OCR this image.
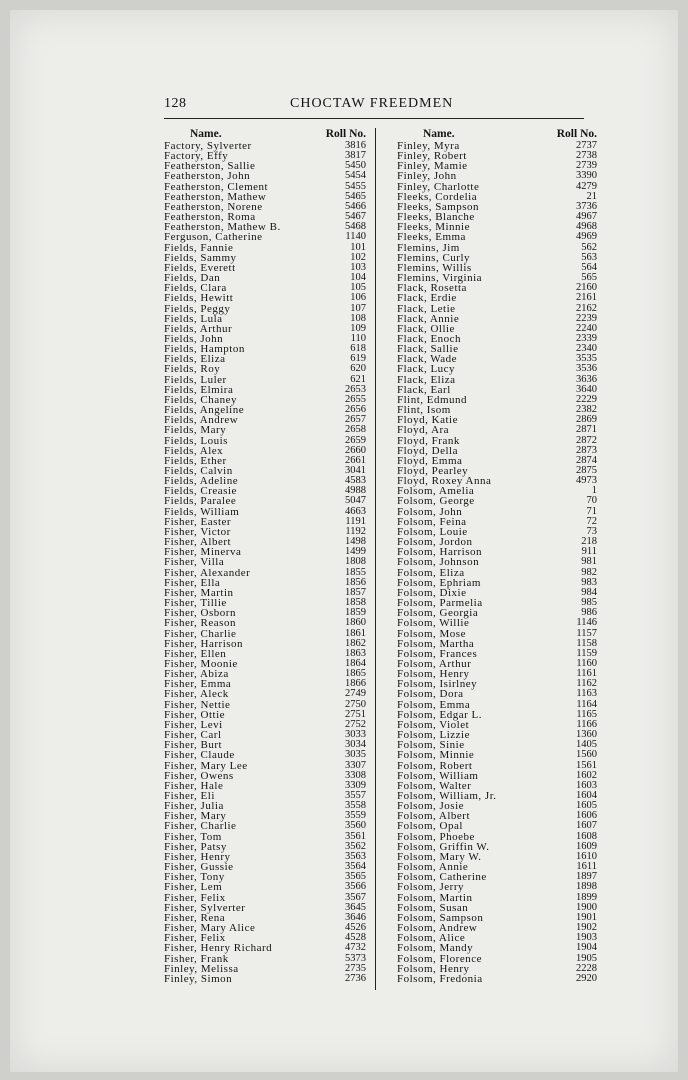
128	CHOCTAW FREEDMEN
Name.	Roll No.
Factory, Sylverter	3816
Factory, Effy	3817
Featherston, Sallie	5450
Featherston, John	5454
Featherston, Clement	5455
Featherston, Mathew	5465
Featherston, Norene	5466
Featherston, Roma	5467
Featherston, Mathew B.	5468
Ferguson, Catherine	1140
Fields, Fannie	101
Fields, Sammy	102
Fields, Everett	103
Fields, Dan	104
Fields, Clara	105
Fields, Hewitt	106
Fields, Peggy	107
Fields, Lula	108
Fields, Arthur	109
Fields, John	110
Fields, Hampton	618
Fields, Eliza	619
Fields, Roy	620
Fields, Luler	621
Fields, Elmira	2653
Fields, Chaney	2655
Fields, Angeline	2656
Fields, Andrew	2657
Fields, Mary	2658
Fields, Louis	2659
Fields, Alex	2660
Fields, Ether	2661
Fields, Calvin	3041
Fields, Adeline	4583
Fields, Creasie	4988
Fields, Paralee	5047
Fields, William	4663
Fisher, Easter	1191
Fisher, Victor	1192
Fisher, Albert	1498
Fisher, Minerva	1499
Fisher, Villa	1808
Fisher, Alexander	1855
Fisher, Ella	1856
Fisher, Martin	1857
Fisher, Tillie	1858
Fisher, Osborn	1859
Fisher, Reason	1860
Fisher, Charlie	1861
Fisher, Harrison	1862
Fisher, Ellen	1863
Fisher, Moonie	1864
Fisher, Abiza	1865
Fisher, Emma	1866
Fisher, Aleck	2749
Fisher, Nettie	2750
Fisher, Ottie	2751
Fisher, Levi	2752
Fisher, Carl	3033
Fisher, Burt	3034
Fisher, Claude	3035
Fisher, Mary Lee	3307
Fisher, Owens	3308
Fisher, Hale	3309
Fisher, Eli	3557
Fisher, Julia	3558
Fisher, Mary	3559
Fisher, Charlie	3560
Fisher, Tom	3561
Fisher, Patsy	3562
Fisher, Henry	3563
Fisher, Gussie	3564
Fisher, Tony	3565
Fisher, Lem	3566
Fisher, Felix	3567
Fisher, Sylverter	3645
Fisher, Rena	3646
Fisher, Mary Alice	4526
Fisher, Felix	4528
Fisher, Henry Richard	4732
Fisher, Frank	5373
Finley, Melissa	2735
Finley, Simon	2736
Name.	Roll No.
Finley, Myra	2737
Finley, Robert	2738
Finley, Mamie	2739
Finley, John	3390
Finley, Charlotte	4279
Fleeks, Cordelia	21
Fleeks, Sampson	3736
Fleeks, Blanche	4967
Fleeks, Minnie	4968
Fleeks, Emma	4969
Flemins, Jim	562
Flemins, Curly	563
Flemins, Willis	564
Flemins, Virginia	565
Flack, Rosetta	2160
Flack, Erdie	2161
Flack, Letie	2162
Flack, Annie	2239
Flack, Ollie	2240
Flack, Enoch	2339
Flack, Sallie	2340
Flack, Wade	3535
Flack, Lucy	3536
Flack, Eliza	3636
Flack, Earl	3640
Flint, Edmund	2229
Flint, Isom	2382
Floyd, Katie	2869
Floyd, Ara	2871
Floyd, Frank	2872
Floyd, Della	2873
Floyd, Emma	2874
Floyd, Pearley	2875
Floyd, Roxey Anna	4973
Folsom, Amelia	1
Folsom, George	70
Folsom, John	71
Folsom, Feina	72
Folsom, Louie	73
Folsom, Jordon	218
Folsom, Harrison	911
Folsom, Johnson	981
Folsom, Eliza	982
Folsom, Ephriam	983
Folsom, Dixie	984
Folsom, Parmelia	985
Folsom, Georgia	986
Folsom, Willie	1146
Folsom, Mose	1157
Folsom, Martha	1158
Folsom, Frances	1159
Folsom, Arthur	1160
Folsom, Henry	1161
Folsom, Isirlney	1162
Folsom, Dora	1163
Folsom, Emma	1164
Folsom, Edgar L.	1165
Folsom, Violet	1166
Folsom, Lizzie	1360
Folsom, Sinie	1405
Folsom, Minnie	1560
Folsom, Robert	1561
Folsom, William	1602
Folsom, Walter	1603
Folsom, William, Jr.	1604
Folsom, Josie	1605
Folsom, Albert	1606
Folsom, Opal	1607
Folsom, Phoebe	1608
Folsom, Griffin W.	1609
Folsom, Mary W.	1610
Folsom, Annie	1611
Folsom, Catherine	1897
Folsom, Jerry	1898
Folsom, Martin	1899
Folsom, Susan	1900
Folsom, Sampson	1901
Folsom, Andrew	1902
Folsom, Alice	1903
Folsom, Mandy	1904
Folsom, Florence	1905
Folsom, Henry	2228
Folsom, Fredonia	2920
